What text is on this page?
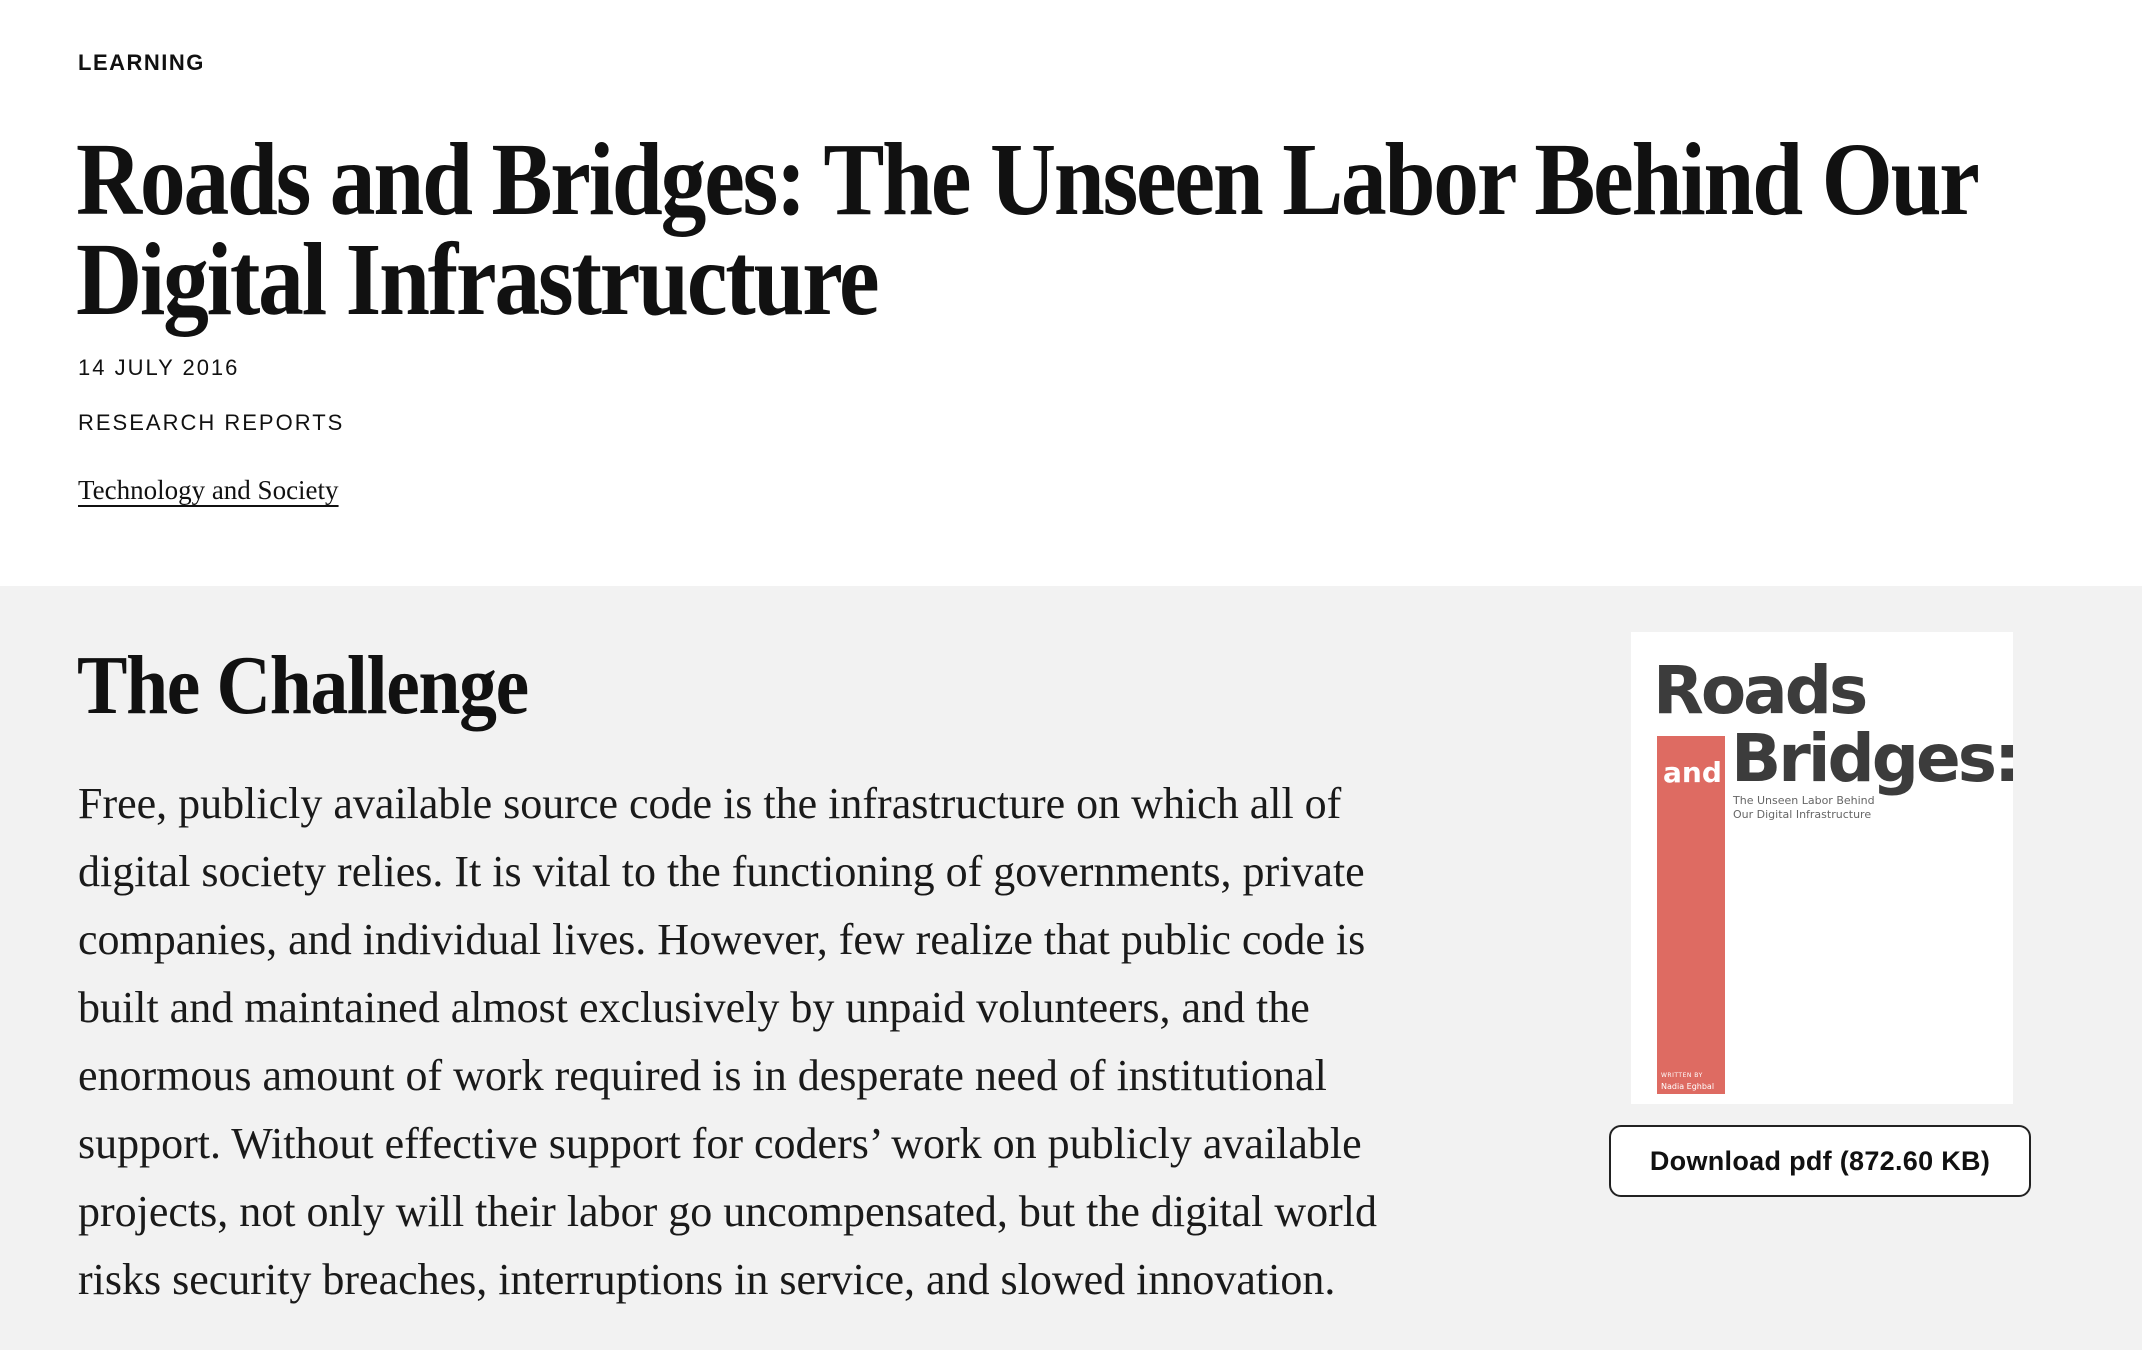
LEARNING
Roads and Bridges: The Unseen Labor Behind Our
Digital Infrastructure
14 JULY 2016
RESEARCH REPORTS
Technology and Society
The Challenge

Free, publicly available source code is the infrastructure on which all of
digital society relies. It is vital to the functioning of governments, private
companies, and individual lives. However, few realize that public code is
built and maintained almost exclusively by unpaid volunteers, and the
enormous amount of work required is in desperate need of institutional
support. Without effective support for coders’ work on publicly available
projects, not only will their labor go uncompensated, but the digital world
risks security breaches, interruptions in service, and slowed innovation.

Roads
and Bridges:
The Unseen Labor Behind
Our Digital Infrastructure
WRITTEN BY
Nadia Eghbal
Download pdf (872.60 KB)
